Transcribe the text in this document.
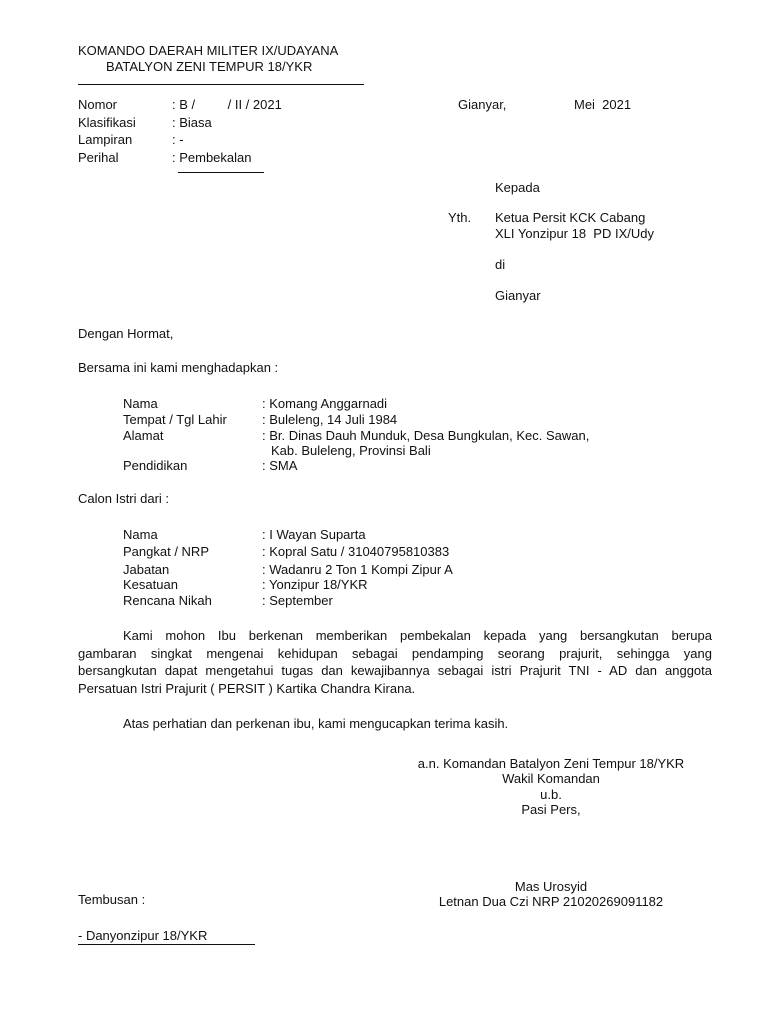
KOMANDO DAERAH MILITER IX/UDAYANA
BATALYON ZENI TEMPUR 18/YKR
Nomor	: B /         / II / 2021
Klasifikasi	: Biasa
Lampiran	: -
Perihal	: Pembekalan
Gianyar,	Mei  2021
Kepada
Yth. Ketua Persit KCK Cabang
XLI Yonzipur 18  PD IX/Udy
di
Gianyar
Dengan Hormat,
Bersama ini kami menghadapkan :
Nama	: Komang Anggarnadi
Tempat / Tgl Lahir	: Buleleng, 14 Juli 1984
Alamat	: Br. Dinas Dauh Munduk, Desa Bungkulan, Kec. Sawan,
Kab. Buleleng, Provinsi Bali
Pendidikan	: SMA
Calon Istri dari :
Nama	: I Wayan Suparta
Pangkat / NRP	: Kopral Satu / 31040795810383
Jabatan	: Wadanru 2 Ton 1 Kompi Zipur A
Kesatuan	: Yonzipur 18/YKR
Rencana Nikah	: September
Kami mohon Ibu berkenan memberikan pembekalan kepada yang bersangkutan berupa
gambaran singkat mengenai kehidupan sebagai pendamping seorang prajurit, sehingga yang
bersangkutan dapat mengetahui tugas dan kewajibannya sebagai istri Prajurit TNI - AD dan anggota
Persatuan Istri Prajurit ( PERSIT ) Kartika Chandra Kirana.
Atas perhatian dan perkenan ibu, kami mengucapkan terima kasih.
a.n. Komandan Batalyon Zeni Tempur 18/YKR
Wakil Komandan
u.b.
Pasi Pers,
Mas Urosyid
Letnan Dua Czi NRP 21020269091182
Tembusan :
- Danyonzipur 18/YKR
